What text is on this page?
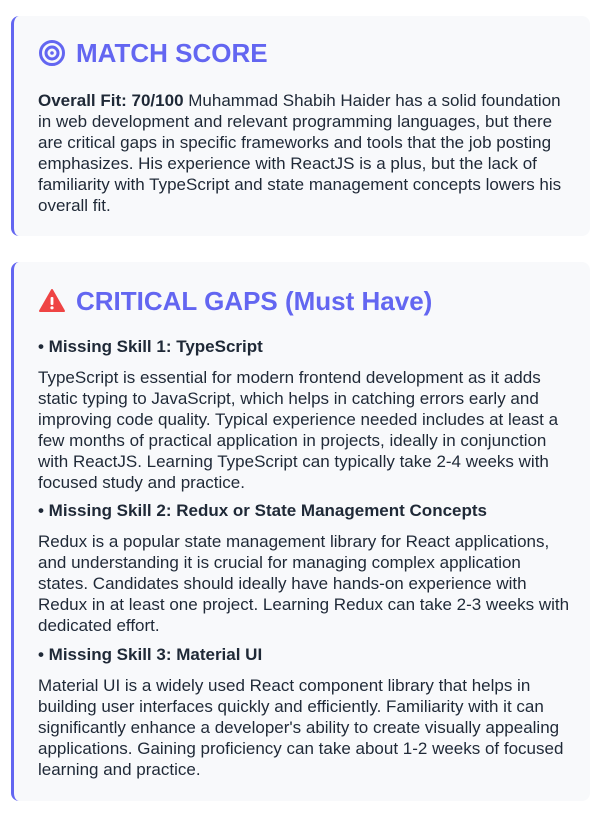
MATCH SCORE

Overall Fit: 70/100 Muhammad Shabih Haider has a solid foundation in web development and relevant programming languages, but there are critical gaps in specific frameworks and tools that the job posting emphasizes. His experience with ReactJS is a plus, but the lack of familiarity with TypeScript and state management concepts lowers his overall fit.

CRITICAL GAPS (Must Have)

• Missing Skill 1: TypeScript

TypeScript is essential for modern frontend development as it adds static typing to JavaScript, which helps in catching errors early and improving code quality. Typical experience needed includes at least a few months of practical application in projects, ideally in conjunction with ReactJS. Learning TypeScript can typically take 2-4 weeks with focused study and practice.

• Missing Skill 2: Redux or State Management Concepts

Redux is a popular state management library for React applications, and understanding it is crucial for managing complex application states. Candidates should ideally have hands-on experience with Redux in at least one project. Learning Redux can take 2-3 weeks with dedicated effort.

• Missing Skill 3: Material UI

Material UI is a widely used React component library that helps in building user interfaces quickly and efficiently. Familiarity with it can significantly enhance a developer's ability to create visually appealing applications. Gaining proficiency can take about 1-2 weeks of focused learning and practice.
